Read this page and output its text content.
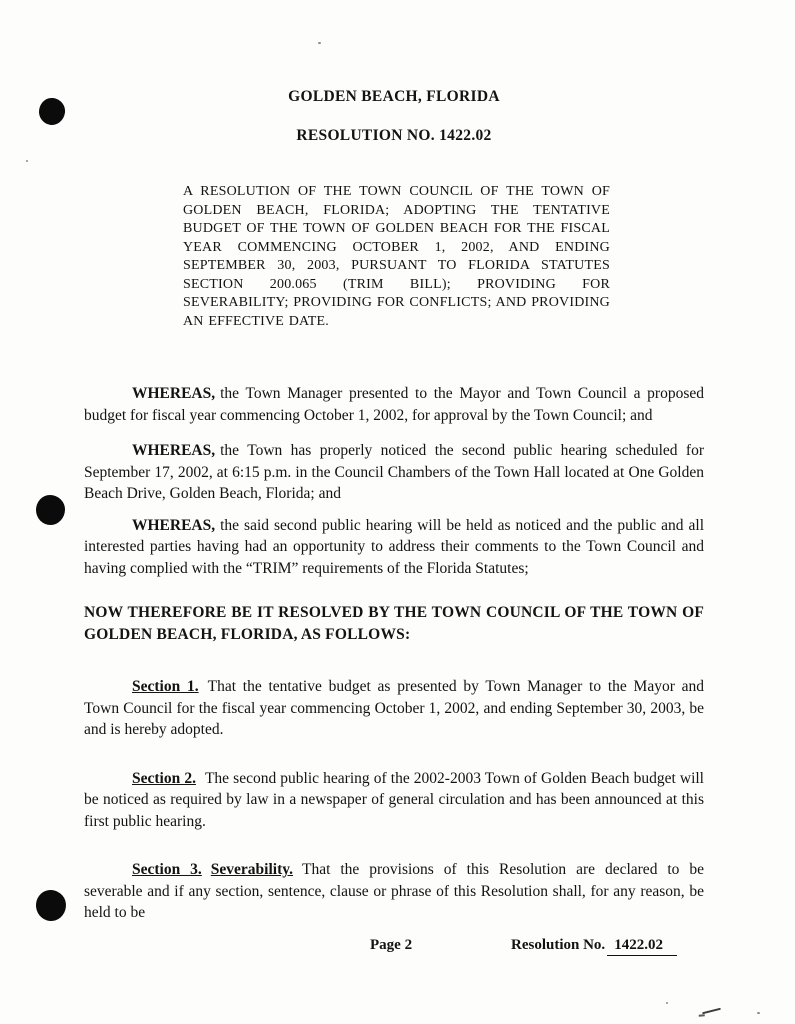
GOLDEN BEACH, FLORIDA
RESOLUTION NO. 1422.02

A RESOLUTION OF THE TOWN COUNCIL OF THE TOWN OF GOLDEN BEACH, FLORIDA; ADOPTING THE TENTATIVE BUDGET OF THE TOWN OF GOLDEN BEACH FOR THE FISCAL YEAR COMMENCING OCTOBER 1, 2002, AND ENDING SEPTEMBER 30, 2003, PURSUANT TO FLORIDA STATUTES SECTION 200.065 (TRIM BILL); PROVIDING FOR SEVERABILITY; PROVIDING FOR CONFLICTS; AND PROVIDING AN EFFECTIVE DATE.

WHEREAS, the Town Manager presented to the Mayor and Town Council a proposed budget for fiscal year commencing October 1, 2002, for approval by the Town Council; and

WHEREAS, the Town has properly noticed the second public hearing scheduled for September 17, 2002, at 6:15 p.m. in the Council Chambers of the Town Hall located at One Golden Beach Drive, Golden Beach, Florida; and

WHEREAS, the said second public hearing will be held as noticed and the public and all interested parties having had an opportunity to address their comments to the Town Council and having complied with the “TRIM” requirements of the Florida Statutes;

NOW THEREFORE BE IT RESOLVED BY THE TOWN COUNCIL OF THE TOWN OF GOLDEN BEACH, FLORIDA, AS FOLLOWS:

Section 1. That the tentative budget as presented by Town Manager to the Mayor and Town Council for the fiscal year commencing October 1, 2002, and ending September 30, 2003, be and is hereby adopted.

Section 2. The second public hearing of the 2002-2003 Town of Golden Beach budget will be noticed as required by law in a newspaper of general circulation and has been announced at this first public hearing.

Section 3. Severability. That the provisions of this Resolution are declared to be severable and if any section, sentence, clause or phrase of this Resolution shall, for any reason, be held to be

Page 2	Resolution No. 1422.02
